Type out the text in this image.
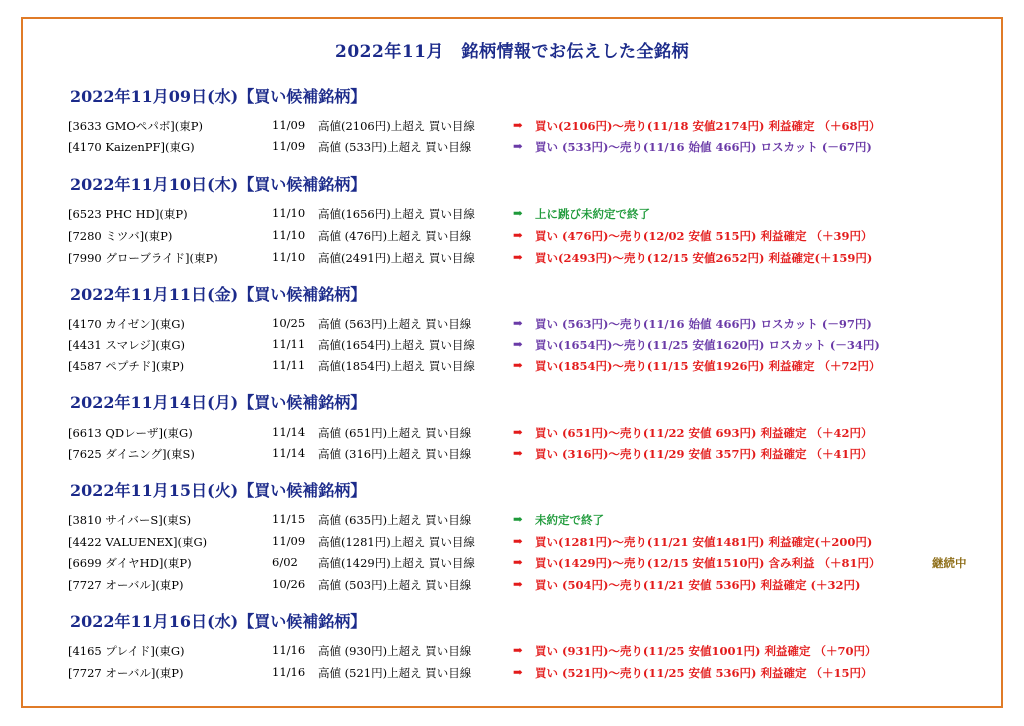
2022年11月　銘柄情報でお伝えした全銘柄
2022年11月09日(水)【買い候補銘柄】
[3633 GMOペパボ](東P)	11/09 高値(2106円)上超え 買い目線	➡ 買い(2106円)～売り(11/18 安値2174円) 利益確定 （＋68円）
[4170 KaizenPF](東G)	11/09 高値 (533円)上超え 買い目線	➡ 買い (533円)～売り(11/16 始値 466円) ロスカット (－67円)
2022年11月10日(木)【買い候補銘柄】
[6523 PHC HD](東P)	11/10 高値(1656円)上超え 買い目線	➡ 上に跳び未約定で終了
[7280 ミツバ](東P)	11/10 高値 (476円)上超え 買い目線	➡ 買い (476円)～売り(12/02 安値 515円) 利益確定 （＋39円）
[7990 グローブライド](東P)	11/10 高値(2491円)上超え 買い目線	➡ 買い(2493円)～売り(12/15 安値2652円) 利益確定(＋159円)
2022年11月11日(金)【買い候補銘柄】
[4170 カイゼン](東G)	10/25 高値 (563円)上超え 買い目線	➡ 買い (563円)～売り(11/16 始値 466円) ロスカット (－97円)
[4431 スマレジ](東G)	11/11 高値(1654円)上超え 買い目線	➡ 買い(1654円)～売り(11/25 安値1620円) ロスカット (－34円)
[4587 ペプチド](東P)	11/11 高値(1854円)上超え 買い目線	➡ 買い(1854円)～売り(11/15 安値1926円) 利益確定 （＋72円）
2022年11月14日(月)【買い候補銘柄】
[6613 QDレーザ](東G)	11/14 高値 (651円)上超え 買い目線	➡ 買い (651円)～売り(11/22 安値 693円) 利益確定 （＋42円）
[7625 ダイニング](東S)	11/14 高値 (316円)上超え 買い目線	➡ 買い (316円)～売り(11/29 安値 357円) 利益確定 （＋41円）
2022年11月15日(火)【買い候補銘柄】
[3810 サイバーS](東S)	11/15 高値 (635円)上超え 買い目線	➡ 未約定で終了
[4422 VALUENEX](東G)	11/09 高値(1281円)上超え 買い目線	➡ 買い(1281円)～売り(11/21 安値1481円) 利益確定(＋200円)
[6699 ダイヤHD](東P)	6/02 高値(1429円)上超え 買い目線	➡ 買い(1429円)～売り(12/15 安値1510円) 含み利益 （＋81円）	継続中
[7727 オーバル](東P)	10/26 高値 (503円)上超え 買い目線	➡ 買い (504円)～売り(11/21 安値 536円) 利益確定 (＋32円)
2022年11月16日(水)【買い候補銘柄】
[4165 プレイド](東G)	11/16 高値 (930円)上超え 買い目線	➡ 買い (931円)～売り(11/25 安値1001円) 利益確定 （＋70円）
[7727 オーバル](東P)	11/16 高値 (521円)上超え 買い目線	➡ 買い (521円)～売り(11/25 安値 536円) 利益確定 （＋15円）
